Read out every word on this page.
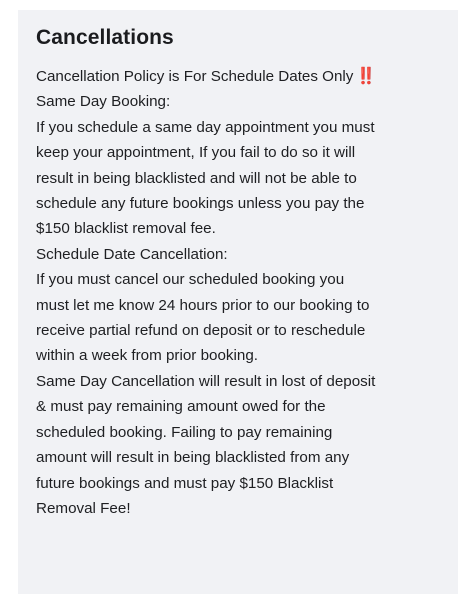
Cancellations
Cancellation Policy is For Schedule Dates Only ‼️
Same Day Booking:
If you schedule a same day appointment you must
keep your appointment, If you fail to do so it will
result in being blacklisted and will not be able to
schedule any future bookings unless you pay the
$150 blacklist removal fee.
Schedule Date Cancellation:
If you must cancel our scheduled booking you
must let me know 24 hours prior to our booking to
receive partial refund on deposit or to reschedule
within a week from prior booking.
Same Day Cancellation will result in lost of deposit
& must pay remaining amount owed for the
scheduled booking. Failing to pay remaining
amount will result in being blacklisted from any
future bookings and must pay $150 Blacklist
Removal Fee!
